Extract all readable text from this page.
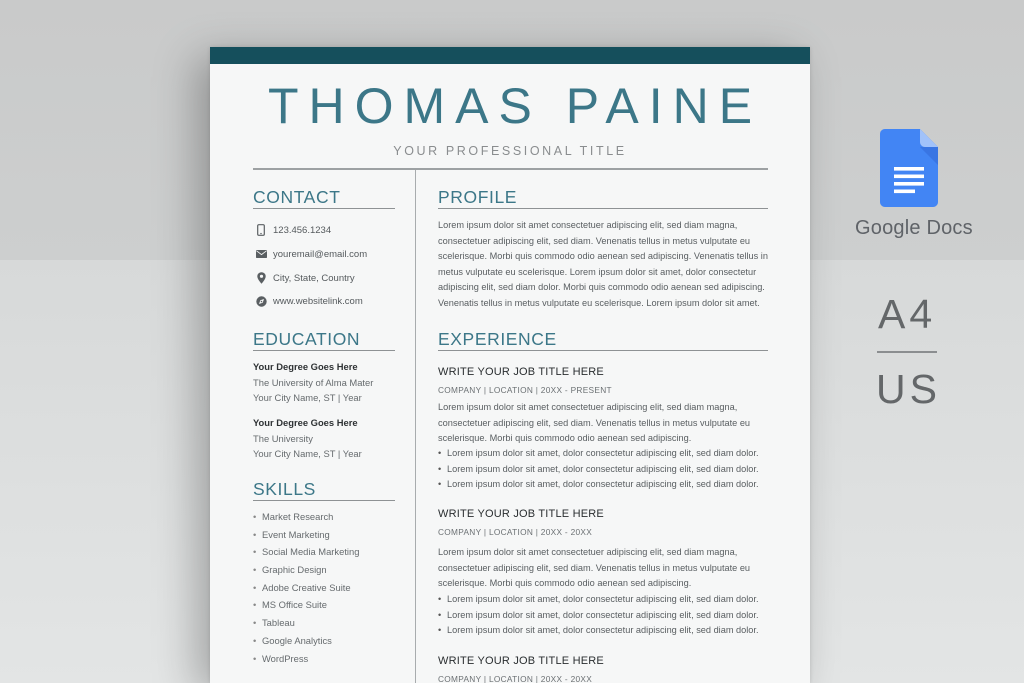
THOMAS PAINE
YOUR PROFESSIONAL TITLE
CONTACT
123.456.1234
youremail@email.com
City, State, Country
www.websitelink.com
EDUCATION
Your Degree Goes Here
The University of Alma Mater
Your City Name, ST | Year
Your Degree Goes Here
The University
Your City Name, ST | Year
SKILLS
• Market Research
• Event Marketing
• Social Media Marketing
• Graphic Design
• Adobe Creative Suite
• MS Office Suite
• Tableau
• Google Analytics
• WordPress
PROFILE

Lorem ipsum dolor sit amet consectetuer adipiscing elit, sed diam magna, consectetuer adipiscing elit, sed diam. Venenatis tellus in metus vulputate eu scelerisque. Morbi quis commodo odio aenean sed adipiscing. Venenatis tellus in metus vulputate eu scelerisque. Lorem ipsum dolor sit amet, dolor consectetur adipiscing elit, sed diam dolor. Morbi quis commodo odio aenean sed adipiscing. Venenatis tellus in metus vulputate eu scelerisque. Lorem ipsum dolor sit amet.

EXPERIENCE
WRITE YOUR JOB TITLE HERE
COMPANY | LOCATION | 20XX - PRESENT

Lorem ipsum dolor sit amet consectetuer adipiscing elit, sed diam magna, consectetuer adipiscing elit, sed diam. Venenatis tellus in metus vulputate eu scelerisque. Morbi quis commodo odio aenean sed adipiscing.

• Lorem ipsum dolor sit amet, dolor consectetur adipiscing elit, sed diam dolor.
• Lorem ipsum dolor sit amet, dolor consectetur adipiscing elit, sed diam dolor.
• Lorem ipsum dolor sit amet, dolor consectetur adipiscing elit, sed diam dolor.
WRITE YOUR JOB TITLE HERE
COMPANY | LOCATION | 20XX - 20XX

Lorem ipsum dolor sit amet consectetuer adipiscing elit, sed diam magna, consectetuer adipiscing elit, sed diam. Venenatis tellus in metus vulputate eu scelerisque. Morbi quis commodo odio aenean sed adipiscing.

• Lorem ipsum dolor sit amet, dolor consectetur adipiscing elit, sed diam dolor.
• Lorem ipsum dolor sit amet, dolor consectetur adipiscing elit, sed diam dolor.
• Lorem ipsum dolor sit amet, dolor consectetur adipiscing elit, sed diam dolor.
WRITE YOUR JOB TITLE HERE
COMPANY | LOCATION | 20XX - 20XX
Google Docs
A4
US
